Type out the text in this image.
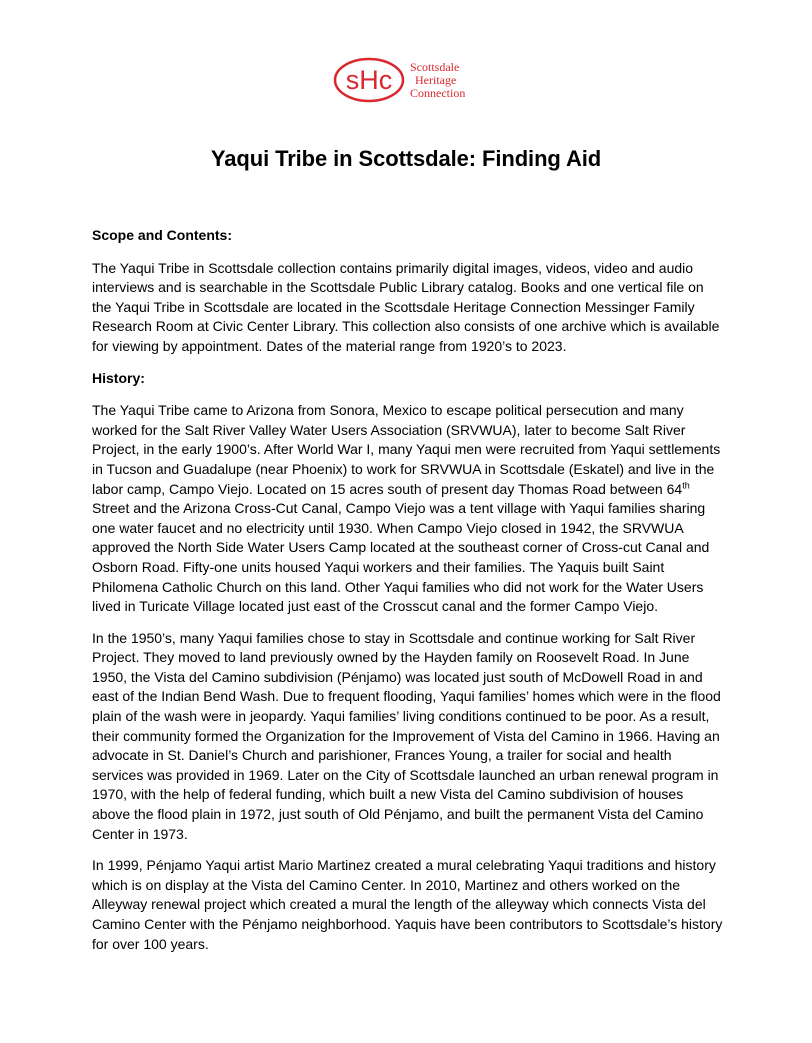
sHc Scottsdale
Heritage
Connection
Yaqui Tribe in Scottsdale: Finding Aid

Scope and Contents:

The Yaqui Tribe in Scottsdale collection contains primarily digital images, videos, video and audio interviews and is searchable in the Scottsdale Public Library catalog. Books and one vertical file on the Yaqui Tribe in Scottsdale are located in the Scottsdale Heritage Connection Messinger Family Research Room at Civic Center Library. This collection also consists of one archive which is available for viewing by appointment. Dates of the material range from 1920’s to 2023.

History:

The Yaqui Tribe came to Arizona from Sonora, Mexico to escape political persecution and many worked for the Salt River Valley Water Users Association (SRVWUA), later to become Salt River Project, in the early 1900’s. After World War I, many Yaqui men were recruited from Yaqui settlements in Tucson and Guadalupe (near Phoenix) to work for SRVWUA in Scottsdale (Eskatel) and live in the labor camp, Campo Viejo. Located on 15 acres south of present day Thomas Road between 64th Street and the Arizona Cross-Cut Canal, Campo Viejo was a tent village with Yaqui families sharing one water faucet and no electricity until 1930. When Campo Viejo closed in 1942, the SRVWUA approved the North Side Water Users Camp located at the southeast corner of Cross-cut Canal and Osborn Road. Fifty-one units housed Yaqui workers and their families. The Yaquis built Saint Philomena Catholic Church on this land. Other Yaqui families who did not work for the Water Users lived in Turicate Village located just east of the Crosscut canal and the former Campo Viejo.

In the 1950’s, many Yaqui families chose to stay in Scottsdale and continue working for Salt River Project. They moved to land previously owned by the Hayden family on Roosevelt Road. In June 1950, the Vista del Camino subdivision (Pénjamo) was located just south of McDowell Road in and east of the Indian Bend Wash. Due to frequent flooding, Yaqui families’ homes which were in the flood plain of the wash were in jeopardy. Yaqui families’ living conditions continued to be poor. As a result, their community formed the Organization for the Improvement of Vista del Camino in 1966. Having an advocate in St. Daniel’s Church and parishioner, Frances Young, a trailer for social and health services was provided in 1969. Later on the City of Scottsdale launched an urban renewal program in 1970, with the help of federal funding, which built a new Vista del Camino subdivision of houses above the flood plain in 1972, just south of Old Pénjamo, and built the permanent Vista del Camino Center in 1973.

In 1999, Pénjamo Yaqui artist Mario Martinez created a mural celebrating Yaqui traditions and history which is on display at the Vista del Camino Center. In 2010, Martinez and others worked on the Alleyway renewal project which created a mural the length of the alleyway which connects Vista del Camino Center with the Pénjamo neighborhood. Yaquis have been contributors to Scottsdale’s history for over 100 years.
